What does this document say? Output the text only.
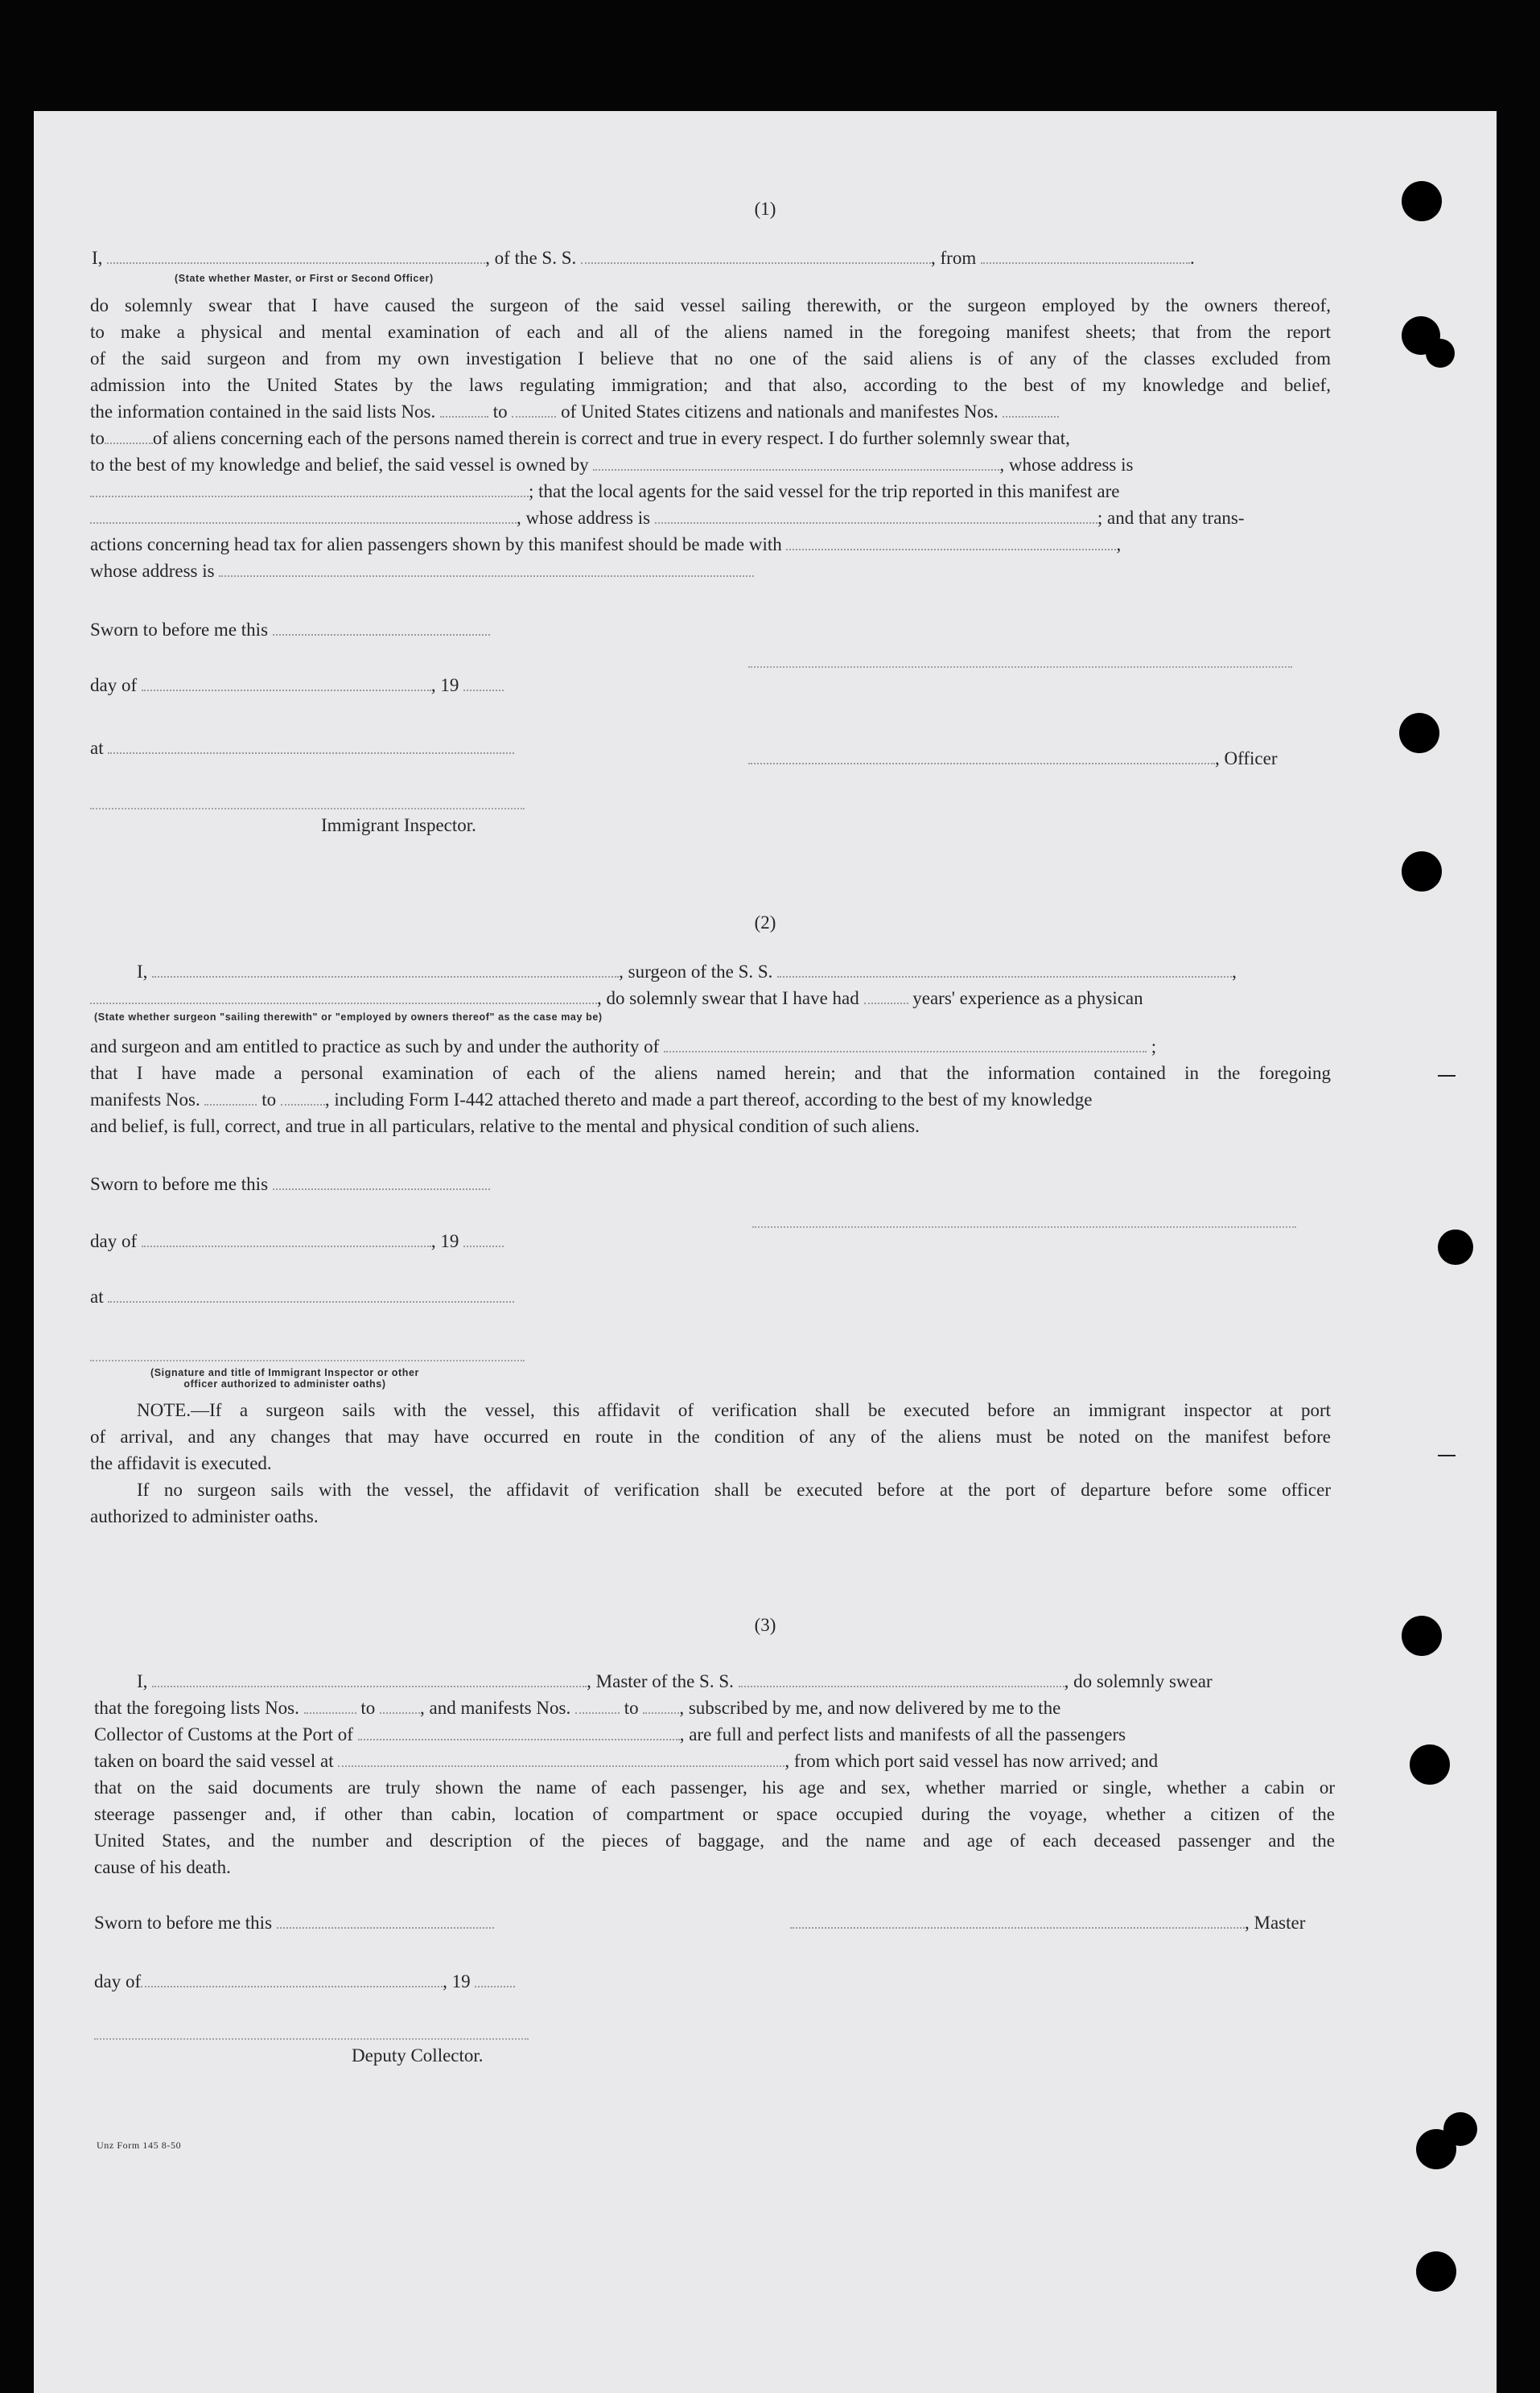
(1)

I,	, of the S. S.	, from	.

(State whether Master, or First or Second Officer)

do solemnly swear that I have caused the surgeon of the said vessel sailing therewith, or the surgeon employed by the owners thereof,

to make a physical and mental examination of each and all of the aliens named in the foregoing manifest sheets; that from the report

of the said surgeon and from my own investigation I believe that no one of the said aliens is of any of the classes excluded from

admission into the United States by the laws regulating immigration; and that also, according to the best of my knowledge and belief,

the information contained in the said lists Nos.	to	of United States citizens and nationals and manifestes Nos.

to	of aliens concerning each of the persons named therein is correct and true in every respect. I do further solemnly swear that,

to the best of my knowledge and belief, the said vessel is owned by	, whose address is

; that the local agents for the said vessel for the trip reported in this manifest are

, whose address is	; and that any trans-

actions concerning head tax for alien passengers shown by this manifest should be made with	,

whose address is

Sworn to before me this

day of	, 19

at

, Officer

Immigrant Inspector.

(2)

I,	, surgeon of the S. S.	,

, do solemnly swear that I have had	years' experience as a physican

(State whether surgeon "sailing therewith" or "employed by owners thereof" as the case may be)

and surgeon and am entitled to practice as such by and under the authority of	;

that I have made a personal examination of each of the aliens named herein; and that the information contained in the foregoing

manifests Nos.	to	, including Form I-442 attached thereto and made a part thereof, according to the best of my knowledge

and belief, is full, correct, and true in all particulars, relative to the mental and physical condition of such aliens.

Sworn to before me this

day of	, 19

at

(Signature and title of Immigrant Inspector or other

officer authorized to administer oaths)

NOTE.—If a surgeon sails with the vessel, this affidavit of verification shall be executed before an immigrant inspector at port

of arrival, and any changes that may have occurred en route in the condition of any of the aliens must be noted on the manifest before

the affidavit is executed.

If no surgeon sails with the vessel, the affidavit of verification shall be executed before at the port of departure before some officer

authorized to administer oaths.

(3)

I,	, Master of the S. S.	, do solemnly swear

that the foregoing lists Nos.	to , and manifests Nos.	to , subscribed by me, and now delivered by me to the

Collector of Customs at the Port of	, are full and perfect lists and manifests of all the passengers

taken on board the said vessel at	, from which port said vessel has now arrived; and

that on the said documents are truly shown the name of each passenger, his age and sex, whether married or single, whether a cabin or

steerage passenger and, if other than cabin, location of compartment or space occupied during the voyage, whether a citizen of the

United States, and the number and description of the pieces of baggage, and the name and age of each deceased passenger and the

cause of his death.

Sworn to before me this	, Master

day of	, 19

Deputy Collector.

Unz Form 145 8-50
